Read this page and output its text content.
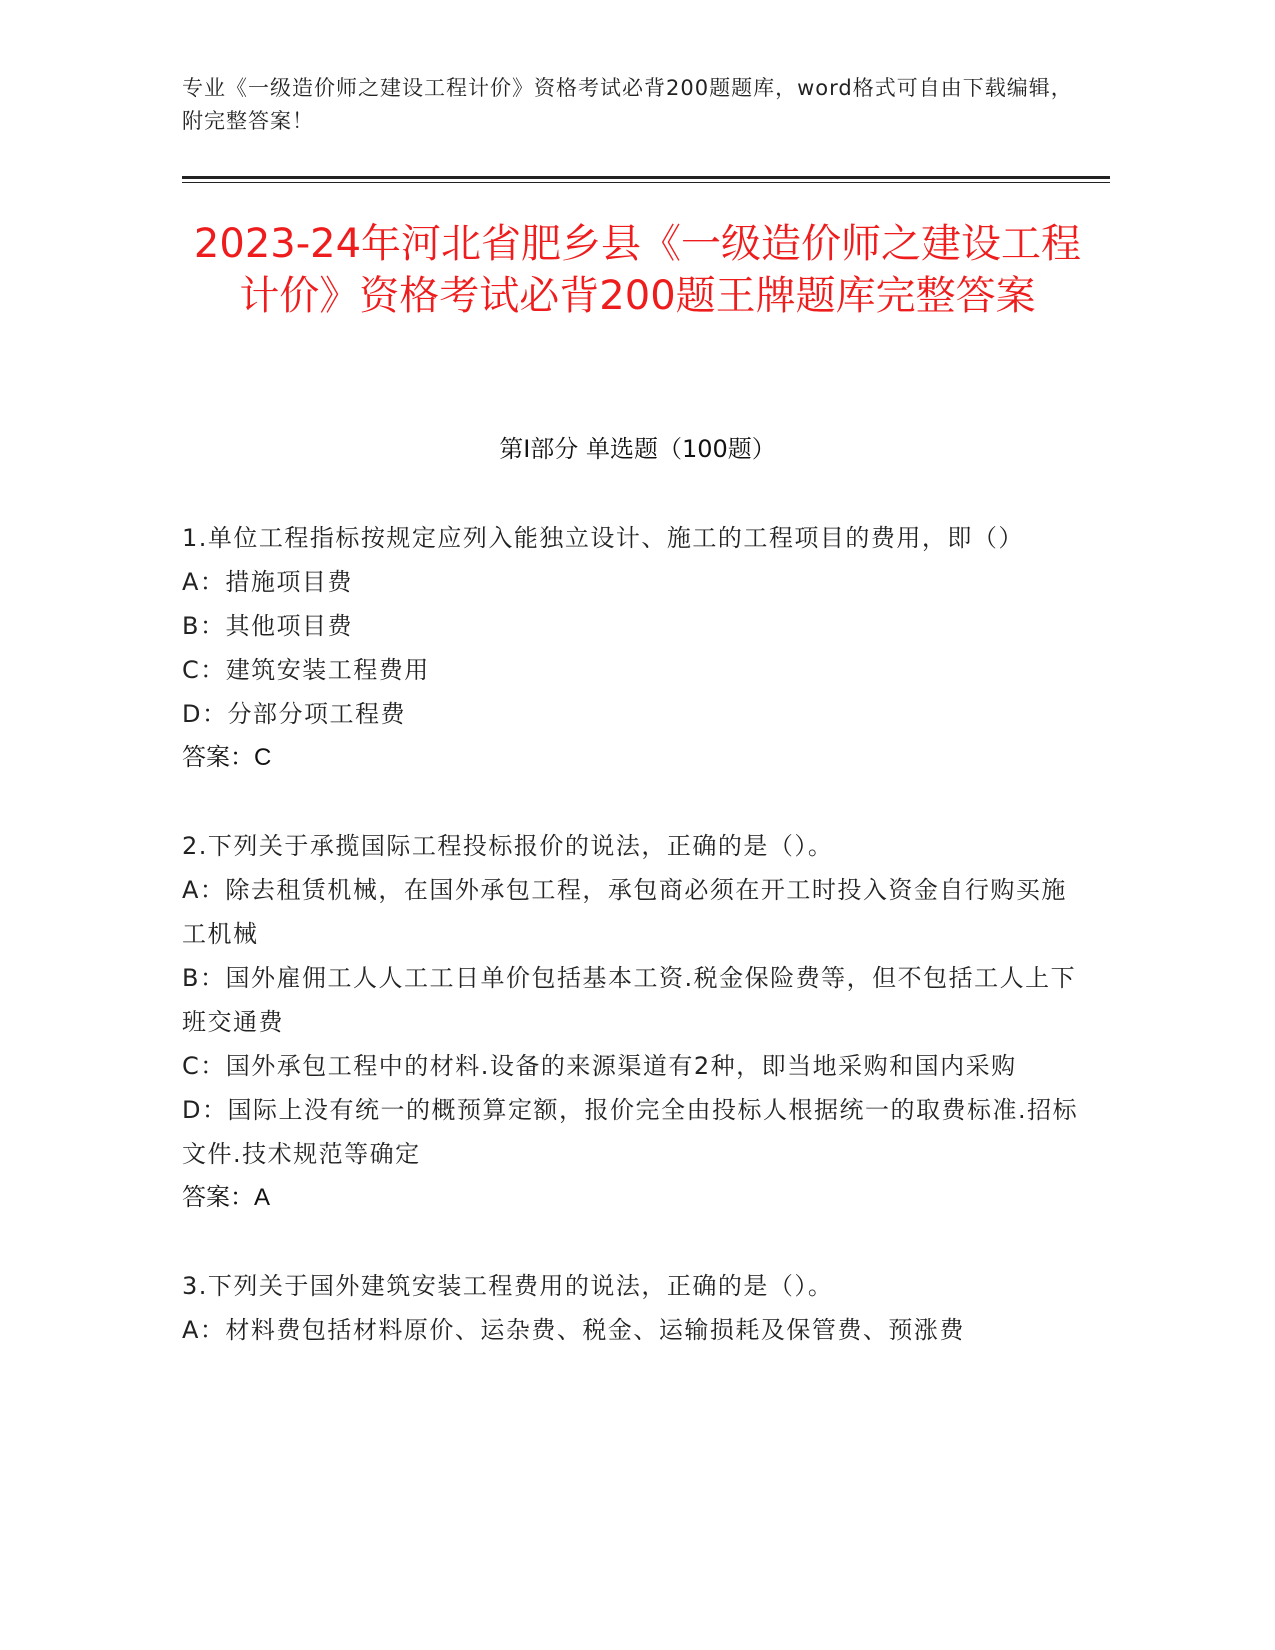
专业《一级造价师之建设工程计价》资格考试必背200题题库，word格式可自由下载编辑，附完整答案！
2023-24年河北省肥乡县《一级造价师之建设工程计价》资格考试必背200题王牌题库完整答案
第I部分 单选题（100题）
1.单位工程指标按规定应列入能独立设计、施工的工程项目的费用，即（）
A：措施项目费
B：其他项目费
C：建筑安装工程费用
D：分部分项工程费
答案：C
2.下列关于承揽国际工程投标报价的说法，正确的是（）。
A：除去租赁机械，在国外承包工程，承包商必须在开工时投入资金自行购买施工机械
B：国外雇佣工人人工工日单价包括基本工资.税金保险费等，但不包括工人上下班交通费
C：国外承包工程中的材料.设备的来源渠道有2种，即当地采购和国内采购
D：国际上没有统一的概预算定额，报价完全由投标人根据统一的取费标准.招标文件.技术规范等确定
答案：A
3.下列关于国外建筑安装工程费用的说法，正确的是（）。
A：材料费包括材料原价、运杂费、税金、运输损耗及保管费、预涨费
